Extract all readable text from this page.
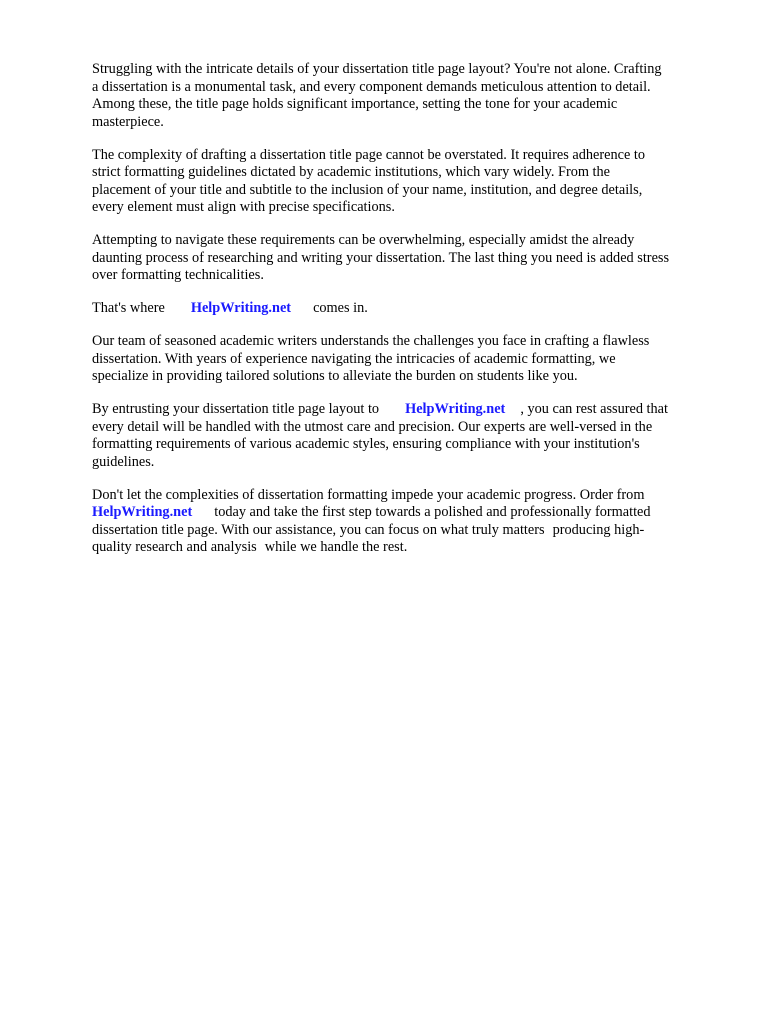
Struggling with the intricate details of your dissertation title page layout? You're not alone. Crafting
a dissertation is a monumental task, and every component demands meticulous attention to detail.
Among these, the title page holds significant importance, setting the tone for your academic
masterpiece.

The complexity of drafting a dissertation title page cannot be overstated. It requires adherence to
strict formatting guidelines dictated by academic institutions, which vary widely. From the
placement of your title and subtitle to the inclusion of your name, institution, and degree details,
every element must align with precise specifications.

Attempting to navigate these requirements can be overwhelming, especially amidst the already
daunting process of researching and writing your dissertation. The last thing you need is added stress
over formatting technicalities.

That's where HelpWriting.net comes in.

Our team of seasoned academic writers understands the challenges you face in crafting a flawless
dissertation. With years of experience navigating the intricacies of academic formatting, we
specialize in providing tailored solutions to alleviate the burden on students like you.

By entrusting your dissertation title page layout to HelpWriting.net , you can rest assured that
every detail will be handled with the utmost care and precision. Our experts are well-versed in the
formatting requirements of various academic styles, ensuring compliance with your institution's
guidelines.

Don't let the complexities of dissertation formatting impede your academic progress. Order from
HelpWriting.net today and take the first step towards a polished and professionally formatted
dissertation title page. With our assistance, you can focus on what truly matters producing high-
quality research and analysis while we handle the rest.
